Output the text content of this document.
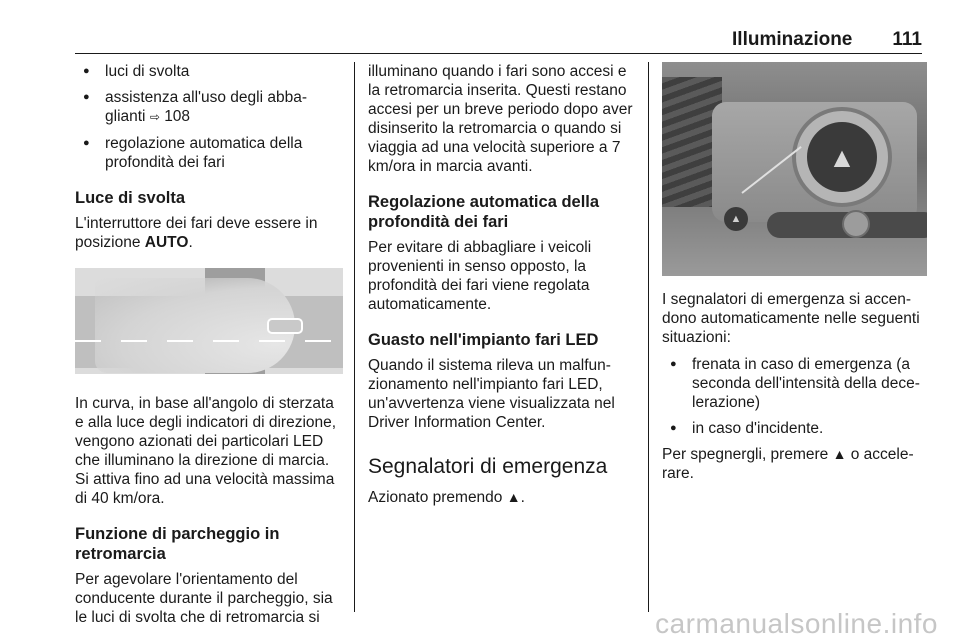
Illuminazione 111
● luci di svolta
● assistenza all'uso degli abba-glianti ⇨ 108
● regolazione automatica della profondità dei fari
Luce di svolta

L'interruttore dei fari deve essere in posizione AUTO.

In curva, in base all'angolo di sterzata e alla luce degli indicatori di direzione, vengono azionati dei particolari LED che illuminano la direzione di marcia. Si attiva fino ad una velocità massima di 40 km/ora.

Funzione di parcheggio in retromarcia

Per agevolare l'orientamento del conducente durante il parcheggio, sia le luci di svolta che di retromarcia si

illuminano quando i fari sono accesi e la retromarcia inserita. Questi restano accesi per un breve periodo dopo aver disinserito la retromarcia o quando si viaggia ad una velocità superiore a 7 km/ora in marcia avanti.

Regolazione automatica della profondità dei fari

Per evitare di abbagliare i veicoli provenienti in senso opposto, la profondità dei fari viene regolata automaticamente.

Guasto nell'impianto fari LED

Quando il sistema rileva un malfun-zionamento nell'impianto fari LED, un'avvertenza viene visualizzata nel Driver Information Center.

Segnalatori di emergenza

Azionato premendo ▲.

▲
▲

I segnalatori di emergenza si accen-dono automaticamente nelle seguenti situazioni:

● frenata in caso di emergenza (a seconda dell'intensità della dece-lerazione)
● in caso d'incidente.

Per spegnergli, premere ▲ o accele-rare.

carmanualsonline.info
